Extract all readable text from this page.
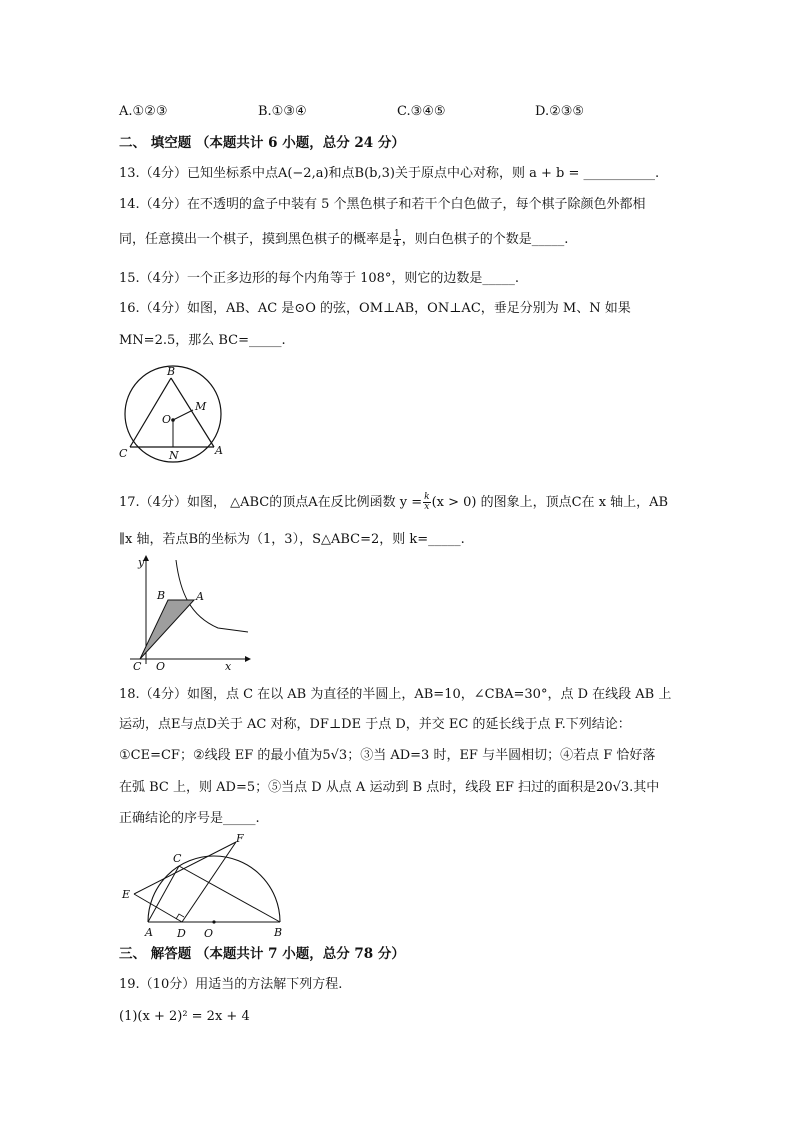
A.①②③	B.①③④	C.③④⑤	D.②③⑤
二、 填空题 （本题共计 6 小题，总分 24 分）
13.（4分）已知坐标系中点A(−2,a)和点B(b,3)关于原点中心对称，则 a + b = ___________.
14.（4分）在不透明的盒子中装有 5 个黑色棋子和若干个白色做子，每个棋子除颜色外都相
同，任意摸出一个棋子，摸到黑色棋子的概率是 $\frac{1}{4}$ ，则白色棋子的个数是_____.
15.（4分）一个正多边形的每个内角等于 108°，则它的边数是_____.
16.（4分）如图，AB、AC 是⊙O 的弦，OM⊥AB，ON⊥AC，垂足分别为 M、N 如果
MN=2.5，那么 BC=_____.
B
O
M
C	N	A
17.（4分）如图， △ABC的顶点A在反比例函数 $y = \frac{k}{x} (x > 0)$ 的图象上，顶点C在 x 轴上，AB
∥x 轴，若点B的坐标为（1，3），S△ABC=2，则 k=_____.
y
B	A
C O	x
18.（4分）如图，点 C 在以 AB 为直径的半圆上，AB=10，∠CBA=30°，点 D 在线段 AB 上
运动，点E与点D关于 AC 对称，DF⊥DE 于点 D，并交 EC 的延长线于点 F.下列结论：
①CE=CF；②线段 EF 的最小值为5√3；③当 AD=3 时，EF 与半圆相切；④若点 F 恰好落
在弧 BC 上，则 AD=5；⑤当点 D 从点 A 运动到 B 点时，线段 EF 扫过的面积是20√3.其中
正确结论的序号是_____.
F
C
E
A D O	B
三、 解答题 （本题共计 7 小题，总分 78 分）
19.（10分）用适当的方法解下列方程.
(1)(x + 2)² = 2x + 4
